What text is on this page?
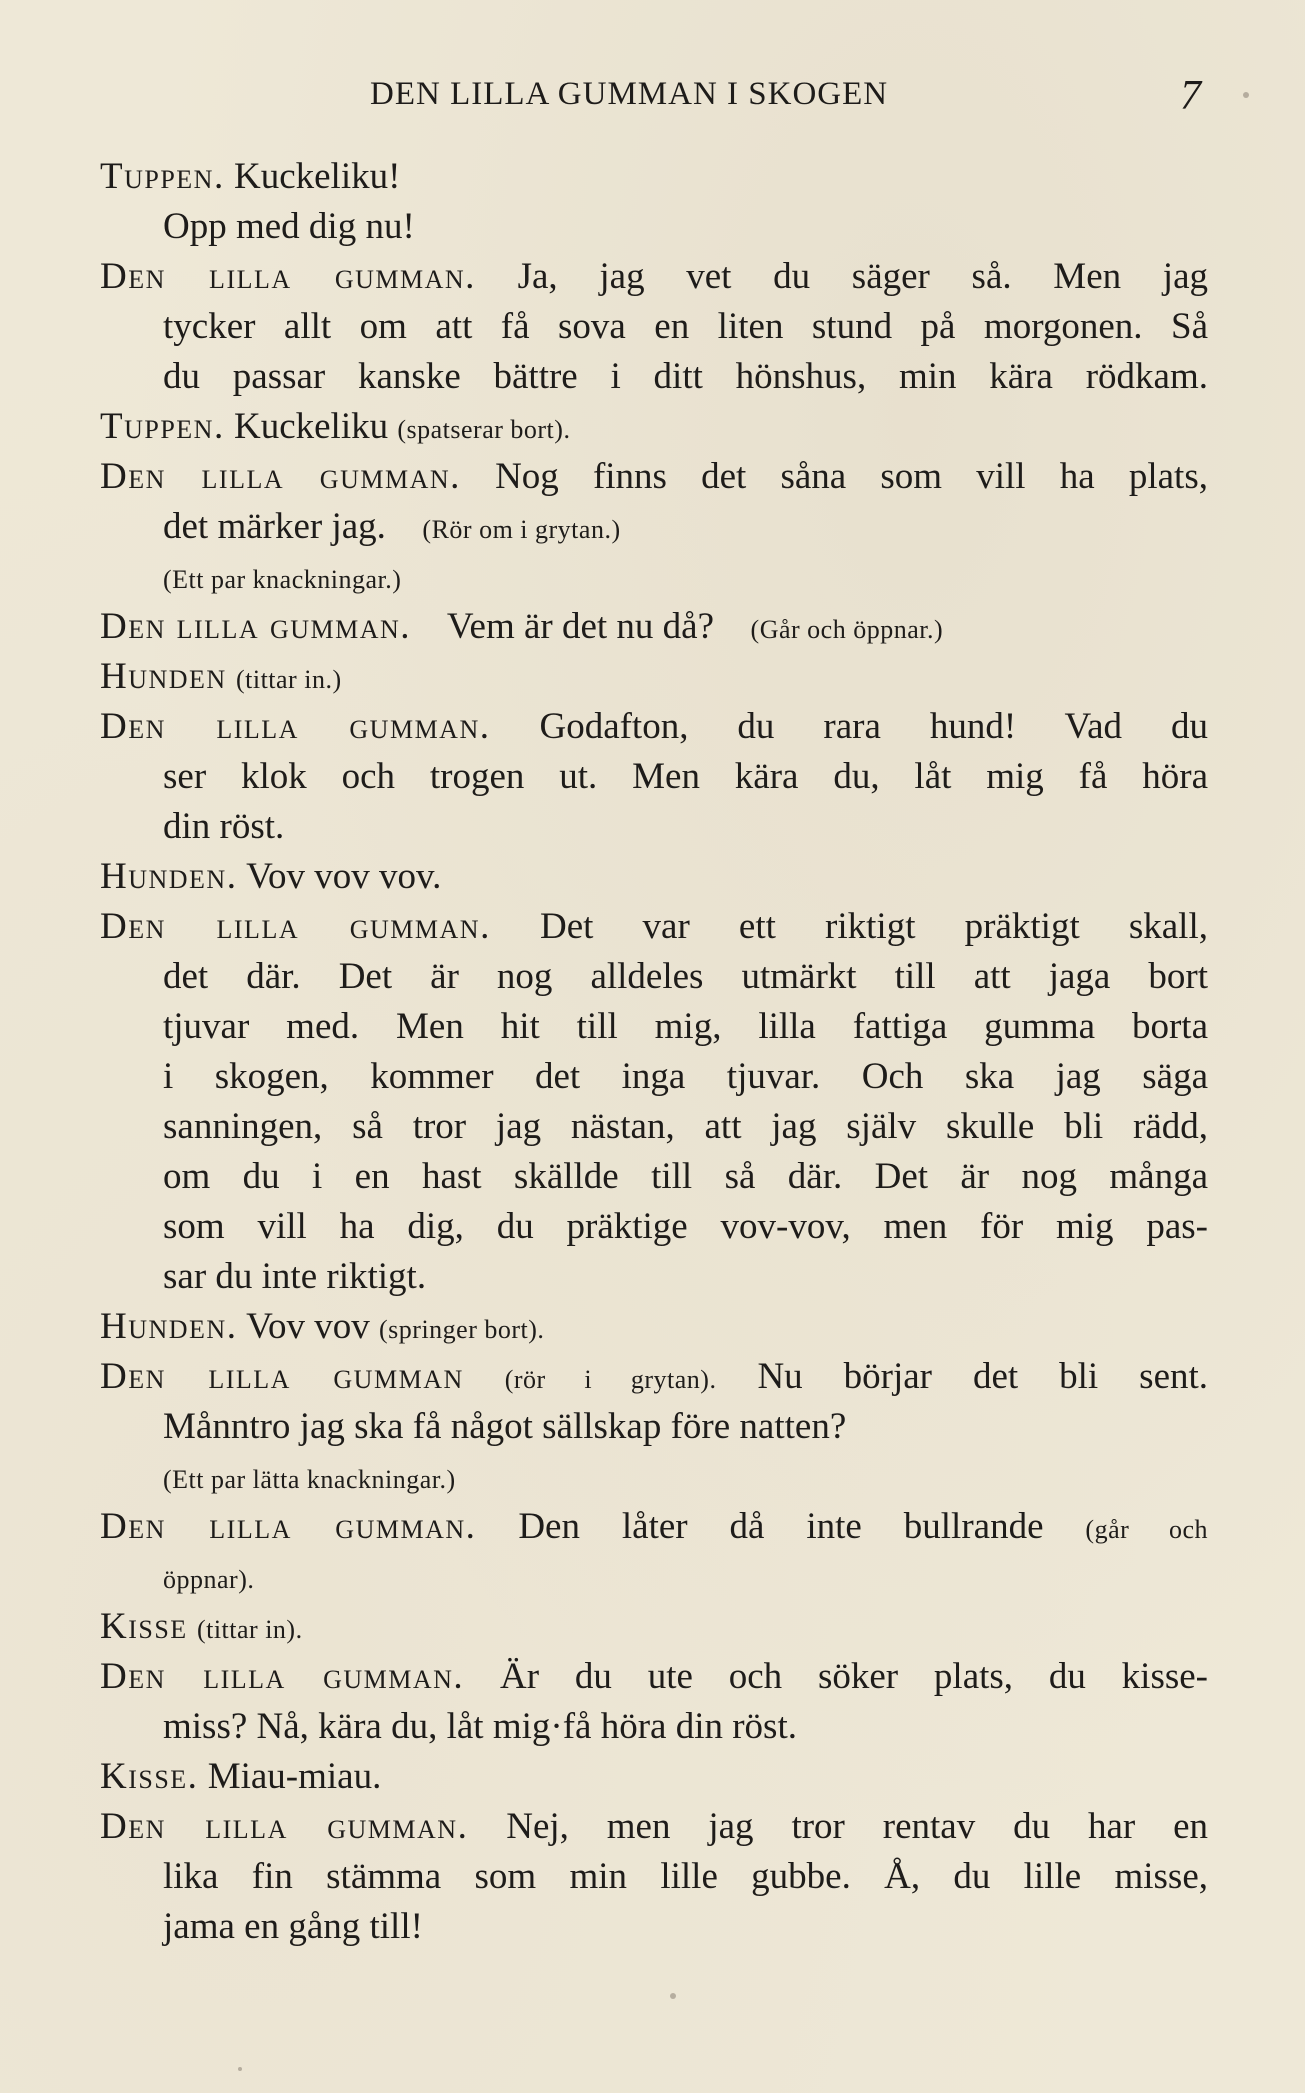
DEN LILLA GUMMAN I SKOGEN	7
Tuppen. Kuckeliku!
Opp med dig nu!
Den lilla gumman. Ja, jag vet du säger så. Men jag
tycker allt om att få sova en liten stund på morgonen. Så
du passar kanske bättre i ditt hönshus, min kära rödkam.
Tuppen. Kuckeliku (spatserar bort).
Den lilla gumman. Nog finns det såna som vill ha plats,
det märker jag. (Rör om i grytan.)
(Ett par knackningar.)
Den lilla gumman. Vem är det nu då? (Går och öppnar.)
Hunden (tittar in.)
Den lilla gumman. Godafton, du rara hund! Vad du
ser klok och trogen ut. Men kära du, låt mig få höra
din röst.
Hunden. Vov vov vov.
Den lilla gumman. Det var ett riktigt präktigt skall,
det där. Det är nog alldeles utmärkt till att jaga bort
tjuvar med. Men hit till mig, lilla fattiga gumma borta
i skogen, kommer det inga tjuvar. Och ska jag säga
sanningen, så tror jag nästan, att jag själv skulle bli rädd,
om du i en hast skällde till så där. Det är nog många
som vill ha dig, du präktige vov-vov, men för mig pas-
sar du inte riktigt.
Hunden. Vov vov (springer bort).
Den lilla gumman (rör i grytan). Nu börjar det bli sent.
Månntro jag ska få något sällskap före natten?
(Ett par lätta knackningar.)
Den lilla gumman. Den låter då inte bullrande (går och
öppnar).
Kisse (tittar in).
Den lilla gumman. Är du ute och söker plats, du kisse-
miss? Nå, kära du, låt mig·få höra din röst.
Kisse. Miau-miau.
Den lilla gumman. Nej, men jag tror rentav du har en
lika fin stämma som min lille gubbe. Å, du lille misse,
jama en gång till!
